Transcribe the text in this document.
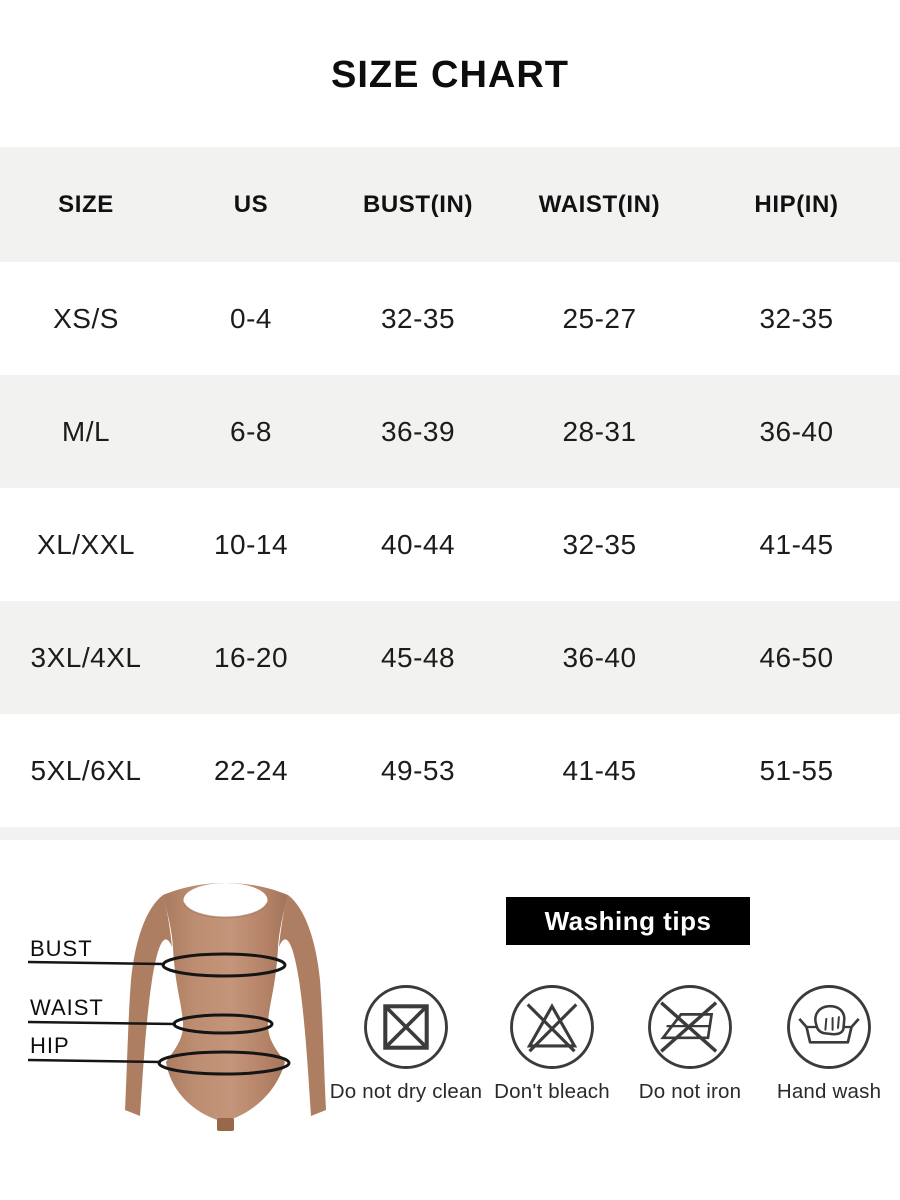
SIZE CHART
SIZE	US	BUST(IN)	WAIST(IN)	HIP(IN)
XS/S	0-4	32-35	25-27	32-35
M/L	6-8	36-39	28-31	36-40
XL/XXL	10-14	40-44	32-35	41-45
3XL/4XL	16-20	45-48	36-40	46-50
5XL/6XL	22-24	49-53	41-45	51-55
BUST
WAIST
HIP
Washing tips
Do not dry clean Don't bleach	Do not iron	Hand wash
